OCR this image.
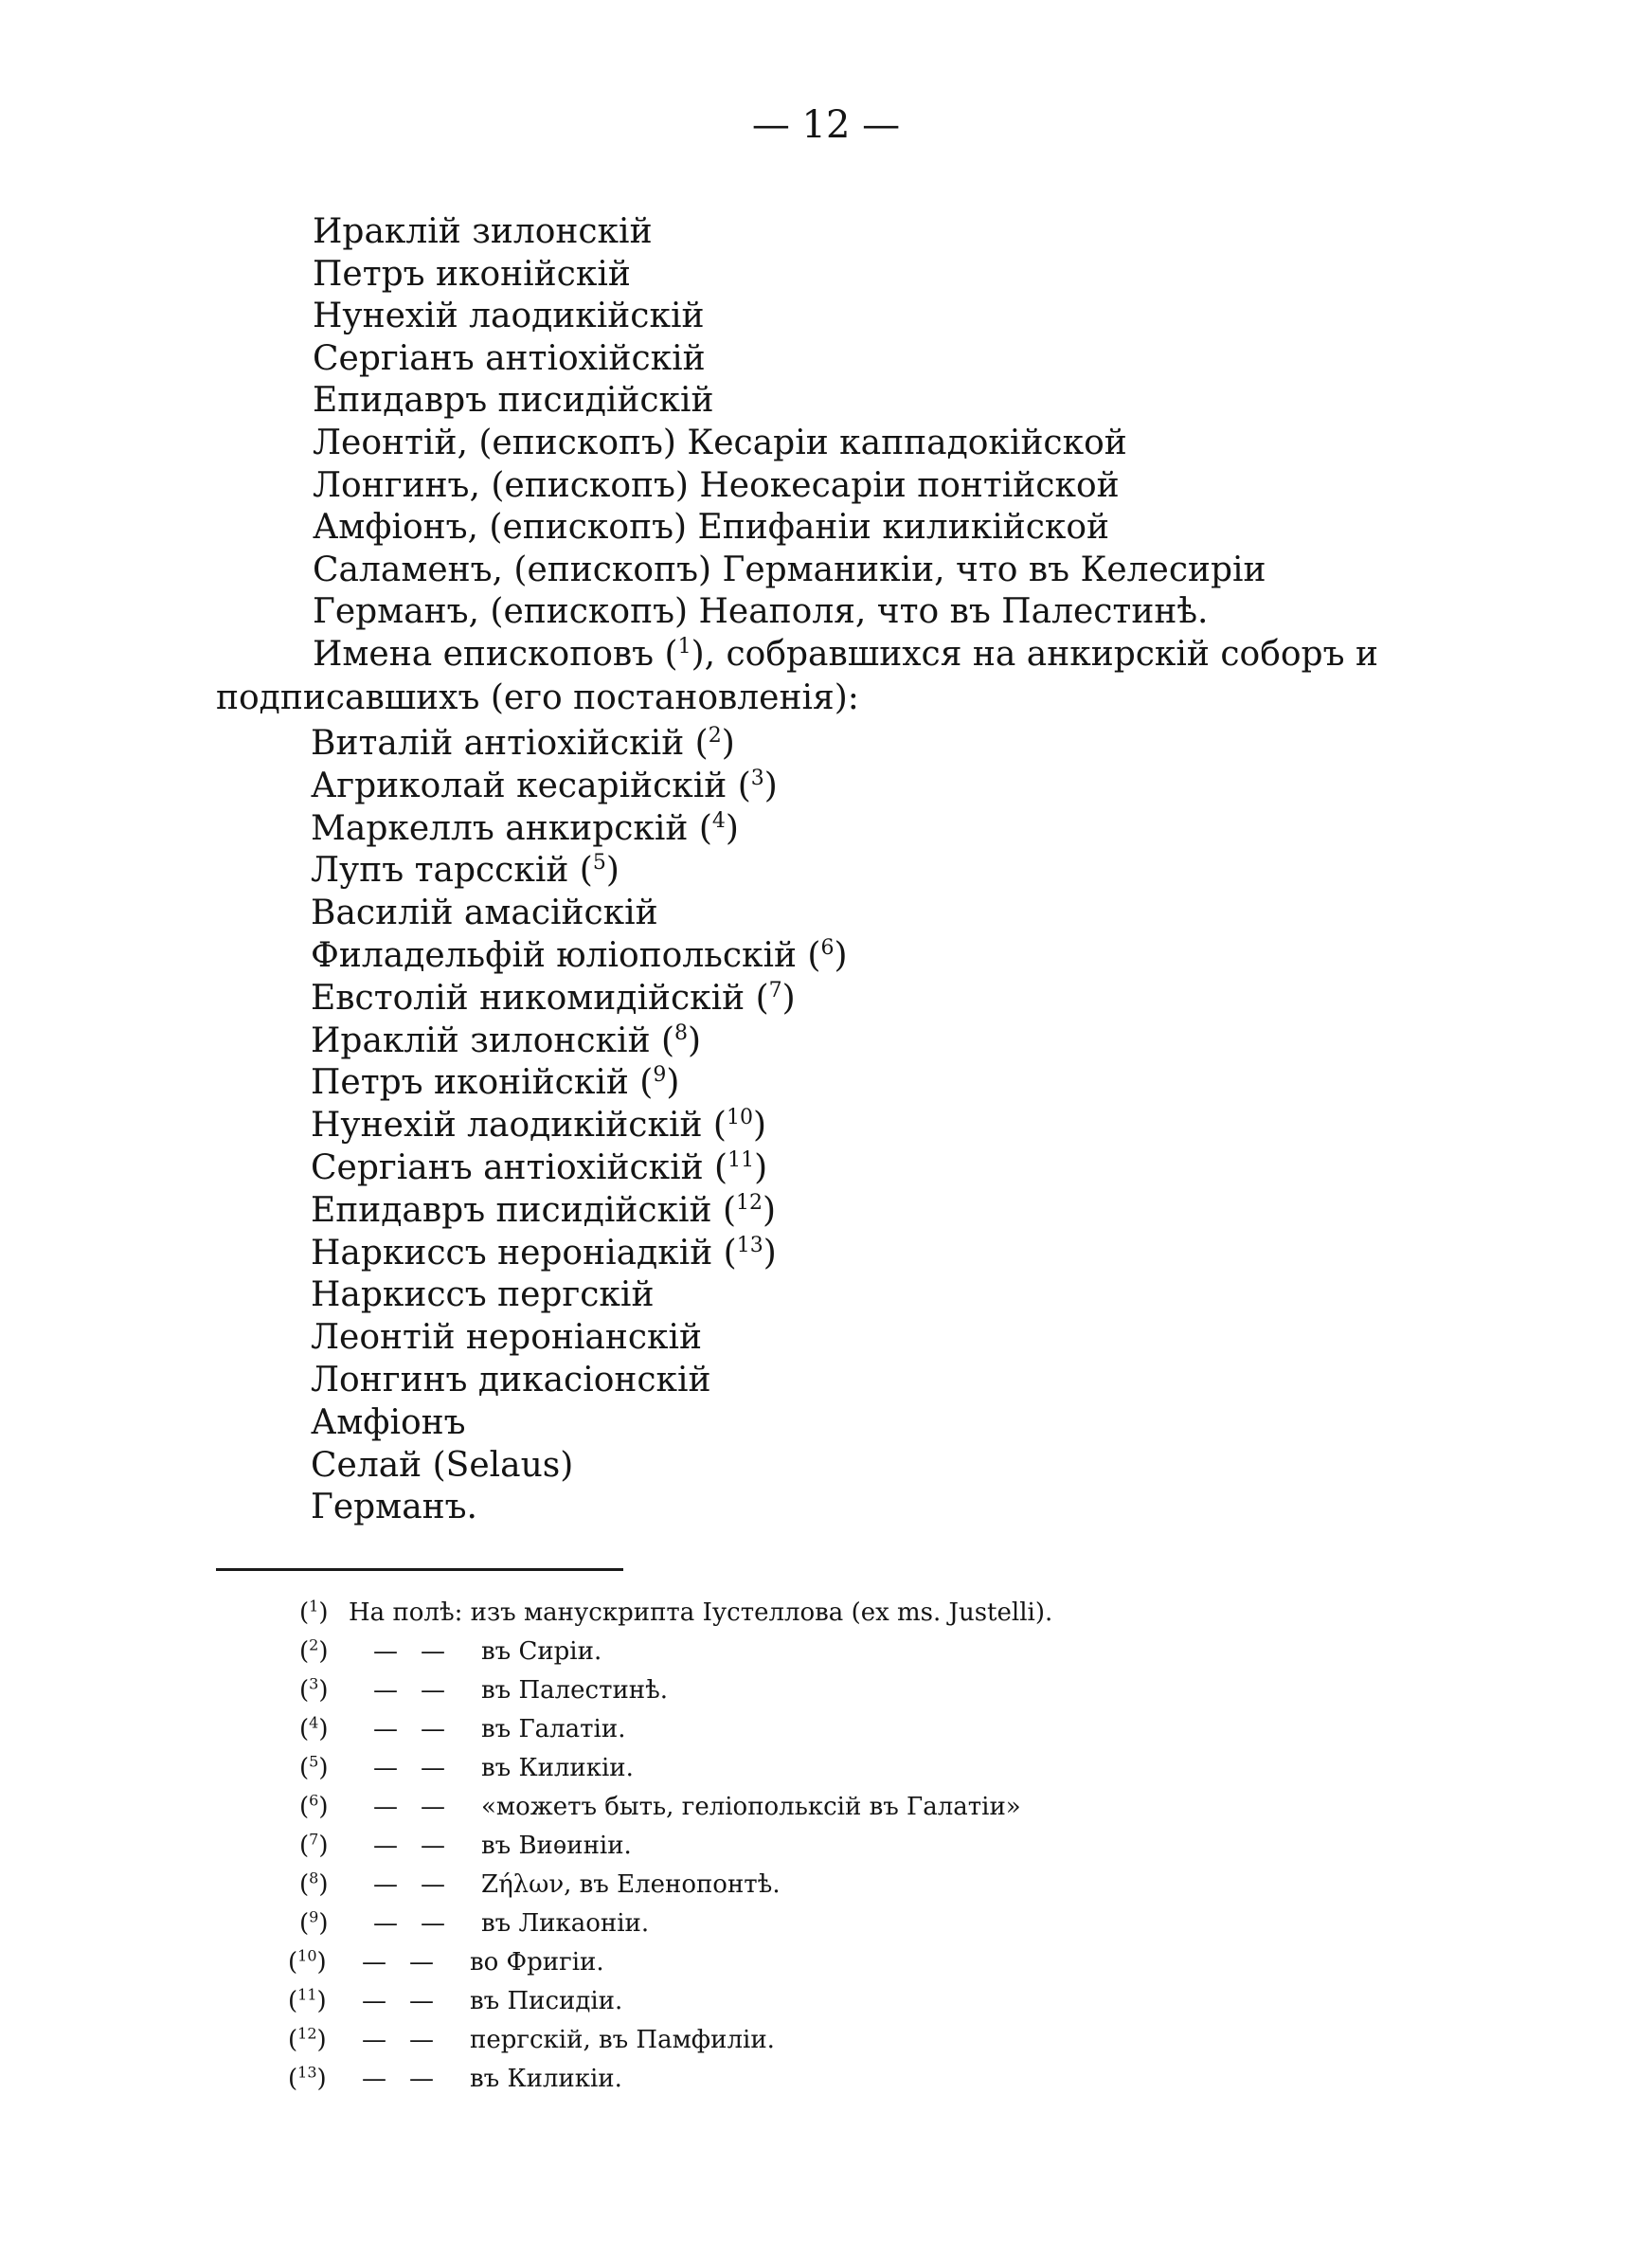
— 12 —
Ираклій зилонскій
Петръ иконійскій
Нунехій лаодикійскій
Сергіанъ антіохійскій
Епидавръ писидійскій
Леонтій, (епископъ) Кесаріи каппадокійской
Лонгинъ, (епископъ) Неокесаріи понтійской
Амфіонъ, (епископъ) Епифаніи киликійской
Саламенъ, (епископъ) Германикіи, что въ Келесиріи
Германъ, (епископъ) Неаполя, что въ Палестинѣ.
Имена епископовъ ($^1$), собравшихся на анкирскій соборъ и
подписавшихъ (его постановленія):
Виталій антіохійскій ($^2$)
Агриколай кесарійскій ($^3$)
Маркеллъ анкирскій ($^4$)
Лупъ тарсскій ($^5$)
Василій амасійскій
Филадельфій юліопольскій ($^6$)
Евстолій никомидійскій ($^7$)
Ираклій зилонскій ($^8$)
Петръ иконійскій ($^9$)
Нунехій лаодикійскій ($^{10}$)
Сергіанъ антіохійскій ($^{11}$)
Епидавръ писидійскій ($^{12}$)
Наркиссъ нероніадкій ($^{13}$)
Наркиссъ пергскій
Леонтій нероніанскій
Лонгинъ дикасіонскій
Амфіонъ
Селай (Selaus)
Германъ.
($^1$) На полѣ: изъ манускрипта Іустеллова (ex ms. Justelli).
($^2$)	— — въ Сиріи.
($^3$)	— — въ Палестинѣ.
($^4$)	— — въ Галатіи.
($^5$)	— — въ Киликіи.
($^6$)	— — «можетъ быть, геліопольксій въ Галатіи»
($^7$)	— — въ Виѳиніи.
($^8$)	— — Ζήλων, въ Еленопонтѣ.
($^9$)	— — въ Ликаоніи.
($^{10}$)	— — во Фригіи.
($^{11}$)	— — въ Писидіи.
($^{12}$)	— — пергскій, въ Памфиліи.
($^{13}$)	— — въ Киликіи.
